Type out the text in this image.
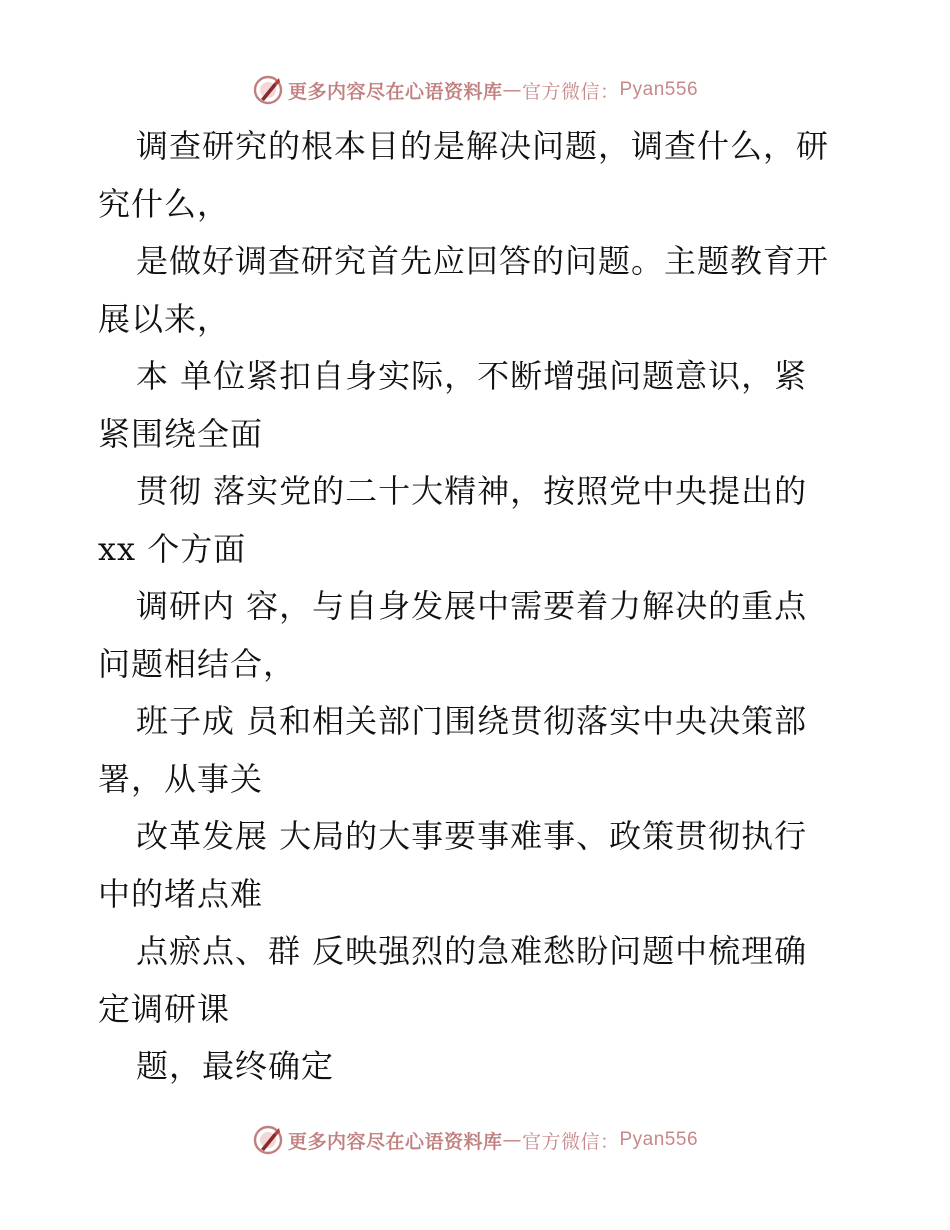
更多内容尽在心语资料库 — 官方微信： Pyan556
调查研究的根本目的是解决问题，调查什么，研
究什么，
是做好调查研究首先应回答的问题。主题教育开
展以来，
本 单位紧扣自身实际，不断增强问题意识，紧
紧围绕全面
贯彻 落实党的二十大精神，按照党中央提出的
xx 个方面
调研内 容，与自身发展中需要着力解决的重点
问题相结合，
班子成 员和相关部门围绕贯彻落实中央决策部
署，从事关
改革发展 大局的大事要事难事、政策贯彻执行
中的堵点难
点瘀点、群 反映强烈的急难愁盼问题中梳理确
定调研课
题，最终确定
更多内容尽在心语资料库 — 官方微信： Pyan556
